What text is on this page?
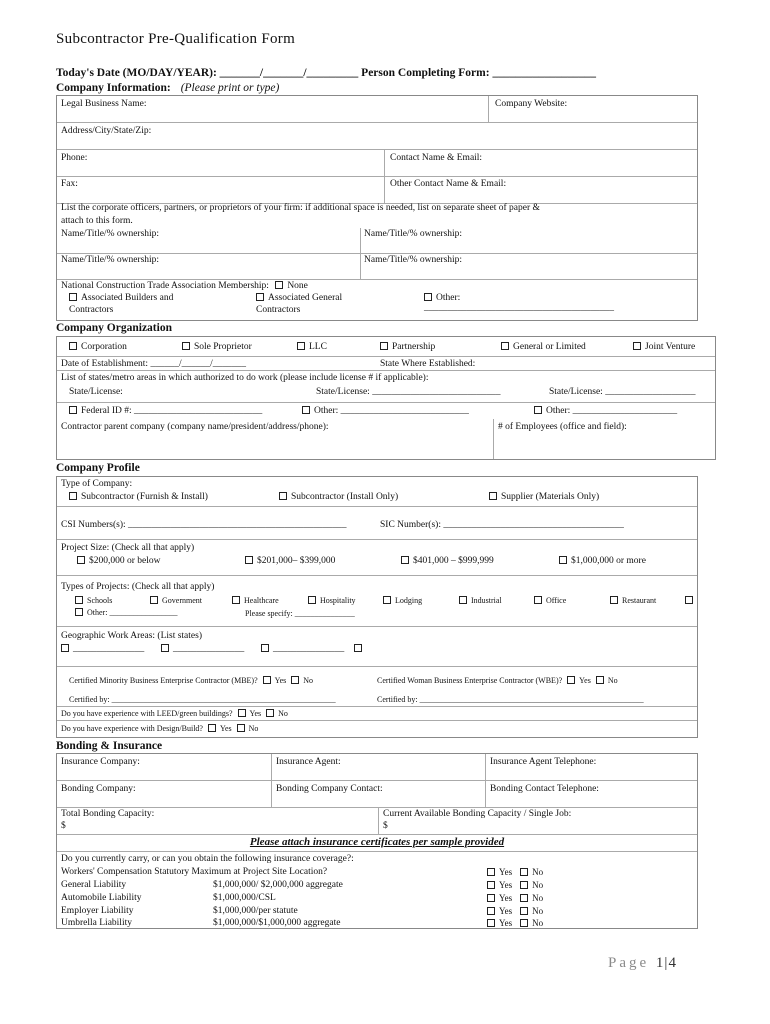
Subcontractor Pre-Qualification Form
Today's Date (MO/DAY/YEAR): _______/_______/_________ Person Completing Form: __________________
Company Information: (Please print or type)
Legal Business Name:	Company Website:
Address/City/State/Zip:
Phone:	Contact Name & Email:
Fax:	Other Contact Name & Email:
List the corporate officers, partners, or proprietors of your firm: if additional space is needed, list on separate sheet of paper &
attach to this form.
Name/Title/% ownership:	Name/Title/% ownership:
Name/Title/% ownership:	Name/Title/% ownership:
National Construction Trade Association Membership: None
Associated Builders and
Contractors
Associated General
Contractors
Other:
________________________________________
Company Organization
Corporation	Sole Proprietor	LLC	Partnership	General or Limited	Joint Venture
Date of Establishment: ______/______/_______	State Where Established:
List of states/metro areas in which authorized to do work (please include license # if applicable):
State/License:	State/License: ___________________________	State/License: ___________________
Federal ID #: ___________________________	Other: ___________________________	Other: ______________________
Contractor parent company (company name/president/address/phone):	# of Employees (office and field):
Company Profile
Type of Company:
Subcontractor (Furnish & Install)	Subcontractor (Install Only)	Supplier (Materials Only)
CSI Numbers(s): ______________________________________________	SIC Number(s): ______________________________________
Project Size: (Check all that apply)
$200,000 or below	$201,000– $399,000	$401,000 – $999,999	$1,000,000 or more
Types of Projects: (Check all that apply)
Schools	Government	Healthcare	Hospitality	Lodging	Industrial	Office	Restaurant
Other: _________________	Please specify: _______________
Geographic Work Areas: (List states)
_______________	_______________	_______________
Certified Minority Business Enterprise Contractor (MBE)? Yes No	Certified Woman Business Enterprise Contractor (WBE)? Yes No
Certified by: ________________________________________________________	Certified by: ________________________________________________________
Do you have experience with LEED/green buildings? Yes No
Do you have experience with Design/Build? Yes No
Bonding & Insurance
Insurance Company:	Insurance Agent:	Insurance Agent Telephone:
Bonding Company:	Bonding Company Contact:	Bonding Contact Telephone:
Total Bonding Capacity:
$
Current Available Bonding Capacity / Single Job:
$
Please attach insurance certificates per sample provided
Do you currently carry, or can you obtain the following insurance coverage?:
Workers' Compensation Statutory Maximum at Project Site Location?	Yes No
General Liability	$1,000,000/ $2,000,000 aggregate	Yes No
Automobile Liability	$1,000,000/CSL	Yes No
Employer Liability	$1,000,000/per statute	Yes No
Umbrella Liability	$1,000,000/$1,000,000 aggregate	Yes No
Page 1|4
